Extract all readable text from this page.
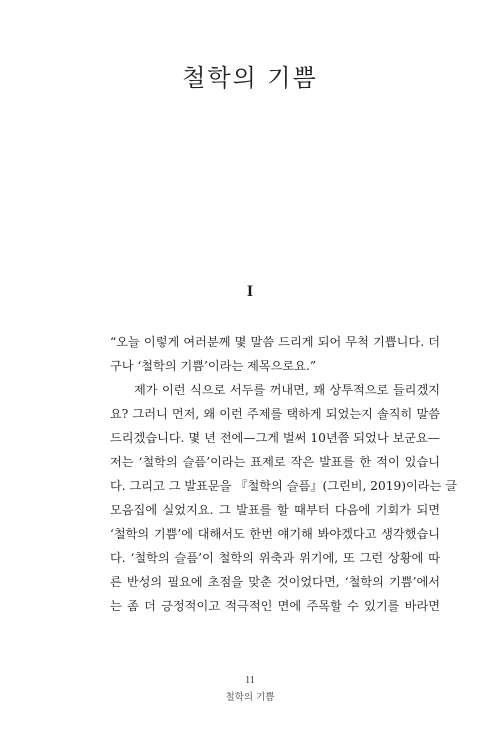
철학의 기쁨
I
“오늘 이렇게 여러분께 몇 말씀 드리게 되어 무척 기쁩니다. 더
구나 ‘철학의 기쁨’이라는 제목으로요.”
제가 이런 식으로 서두를 꺼내면, 꽤 상투적으로 들리겠지
요? 그러니 먼저, 왜 이런 주제를 택하게 되었는지 솔직히 말씀
드리겠습니다. 몇 년 전에—그게 벌써 10년쯤 되었나 보군요—
저는 ‘철학의 슬픔’이라는 표제로 작은 발표를 한 적이 있습니
다. 그리고 그 발표문을 『철학의 슬픔』(그린비, 2019)이라는 글
모음집에 실었지요. 그 발표를 할 때부터 다음에 기회가 되면
‘철학의 기쁨’에 대해서도 한번 얘기해 봐야겠다고 생각했습니
다. ‘철학의 슬픔’이 철학의 위축과 위기에, 또 그런 상황에 따
른 반성의 필요에 초점을 맞춘 것이었다면, ‘철학의 기쁨’에서
는 좀 더 긍정적이고 적극적인 면에 주목할 수 있기를 바라면
11
철학의 기쁨
